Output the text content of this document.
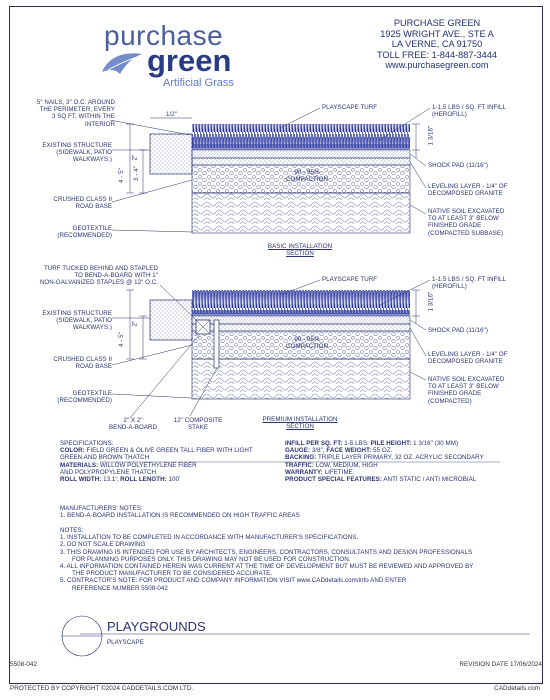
purchase
green
Artificial Grass
PURCHASE GREEN
1925 WRIGHT AVE., STE A
LA VERNE, CA 91750
TOLL FREE: 1-844-887-3444
www.purchasegreen.com
5" NAILS, 3" O.C. AROUND
THE PERIMETER, EVERY
3 SQ FT. WITHIN THE
INTERIOR
EXISTING STRUCTURE
(SIDEWALK, PATIO
WALKWAYS.)
CRUSHED CLASS II
ROAD BASE
GEOTEXTILE
(RECOMMENDED)
PLAYSCAPE TURF	1-1.5 LBS / SQ. FT INFILL
(HEROFILL)
SHOCK PAD (11/16")
LEVELING LAYER - 1/4" OF
DECOMPOSED GRANITE
NATIVE SOIL EXCAVATED
TO AT LEAST 3" BELOW
FINISHED GRADE
(COMPACTED SUBBASE)
1/2"
1 3/16"
4 - 5"
2"
3 - 4"	90 - 95%
COMPACTION
BASIC INSTALLATION
SECTION
TURF TUCKED BEHIND AND STAPLED
TO BEND-A-BOARD WITH 1"
NON-GALVANIZED STAPLES @ 12" O.C.
EXISTING STRUCTURE
(SIDEWALK, PATIO
WALKWAYS.)
CRUSHED CLASS II
ROAD BASE
GEOTEXTILE
(RECOMMENDED)
PLAYSCAPE TURF	1-1.5 LBS / SQ. FT INFILL
(HEROFILL)
SHOCK PAD (11/16")
LEVELING LAYER - 1/4" OF
DECOMPOSED GRANITE
NATIVE SOIL EXCAVATED
TO AT LEAST 3" BELOW
FINISHED GRADE
(COMPACTED)
1 3/16"
4 - 5"
2"
90 - 95%
COMPACTION
2" X 2"
BEND-A-BOARD
12" COMPOSITE
STAKE
PREMIUM INSTALLATION
SECTION
SPECIFICATIONS:
COLOR: FIELD GREEN & OLIVE GREEN TALL FIBER WITH LIGHT
GREEN AND BROWN THATCH
MATERIALS: WILLOW POLYETHYLENE FIBER
AND POLYPROPYLENE THATCH
ROLL WIDTH: 13.1'; ROLL LENGTH: 100'
INFILL PER SQ. FT: 1-5 LBS; PILE HEIGHT: 1 3/16" (30 MM)
GAUGE: 3/8", FACE WEIGHT: 55 OZ.
BACKING: TRIPLE LAYER PRIMARY, 32 OZ. ACRYLIC SECONDARY
TRAFFIC: LOW, MEDIUM, HIGH
WARRANTY: LIFETIME
PRODUCT SPECIAL FEATURES: ANTI STATIC / ANTI MICROBIAL
MANUFACTURERS' NOTES:
1. BEND-A-BOARD INSTALLATION IS RECOMMENDED ON HIGH TRAFFIC AREAS
NOTES:
1. INSTALLATION TO BE COMPLETED IN ACCORDANCE WITH MANUFACTURER'S SPECIFICATIONS.
2. DO NOT SCALE DRAWING
3. THIS DRAWING IS INTENDED FOR USE BY ARCHITECTS, ENGINEERS, CONTRACTORS, CONSULTANTS AND DESIGN PROFESSIONALS
FOR PLANNING PURPOSES ONLY. THIS DRAWING MAY NOT BE USED FOR CONSTRUCTION.
4. ALL INFORMATION CONTAINED HEREIN WAS CURRENT AT THE TIME OF DEVELOPMENT BUT MUST BE REVIEWED AND APPROVED BY
THE PRODUCT MANUFACTURER TO BE CONSIDERED ACCURATE.
5. CONTRACTOR'S NOTE: FOR PRODUCT AND COMPANY INFORMATION VISIT www.CADdetails.com/info AND ENTER
REFERENCE NUMBER 5508-042
PLAYGROUNDS
PLAYSCAPE
5508-042	REVISION DATE 17/06/2024
PROTECTED BY COPYRIGHT ©2024 CADDETAILS.COM LTD.	CADdetails.com
